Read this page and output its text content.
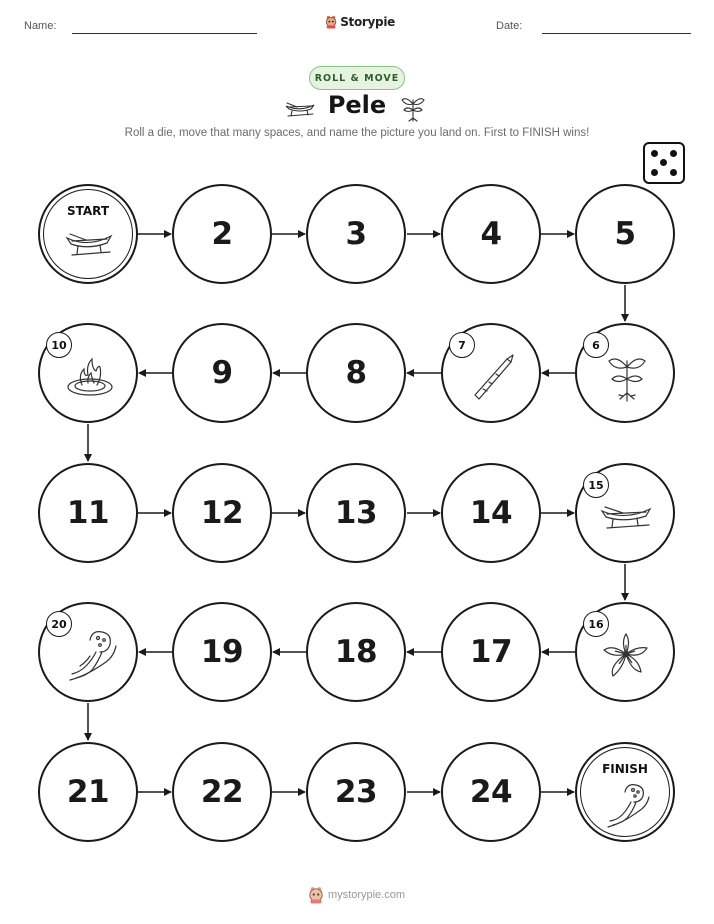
Name:	Storypie	Date:
ROLL & MOVE
Pele
Roll a die, move that many spaces, and name the picture you land on. First to FINISH wins!
START
2	3	4	5
10
9	8
7	6
11	12	13	14
15
20
19	18	17
16
21	22	23	24
FINISH
mystorypie.com
